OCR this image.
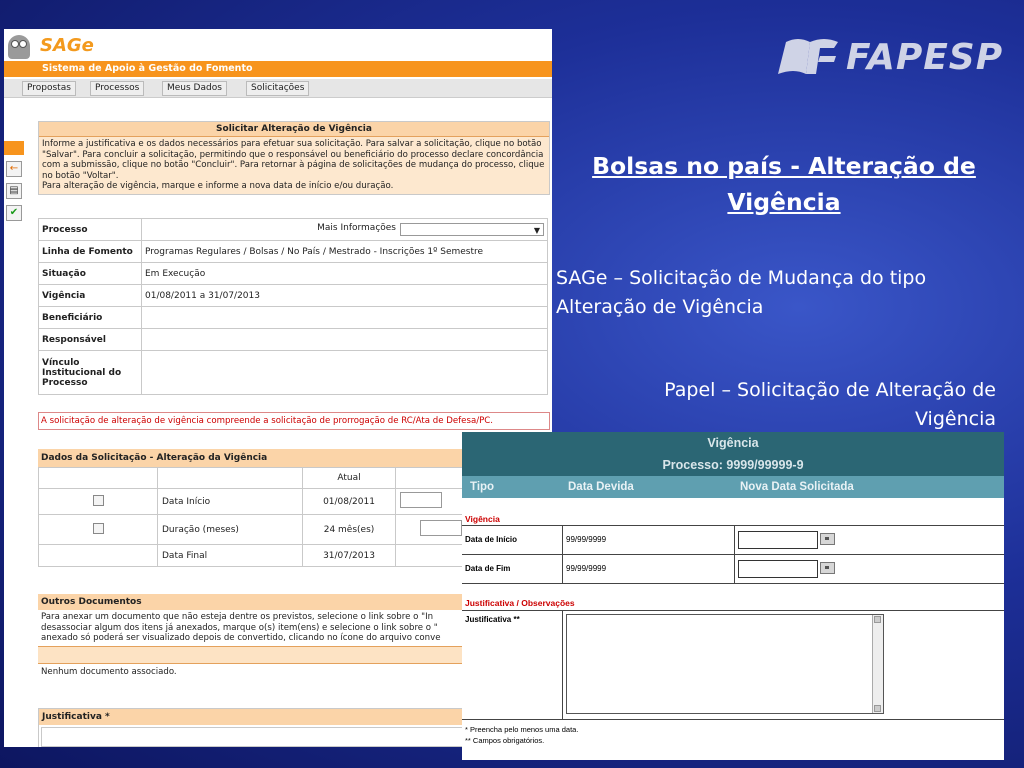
SAGe
Sistema de Apoio à Gestão do Fomento
Propostas	Processos	Meus Dados	Solicitações
←
▤
✔
Solicitar Alteração de Vigência
Informe a justificativa e os dados necessários para efetuar sua solicitação. Para salvar a solicitação, clique no botão "Salvar". Para concluir a solicitação, permitindo que o responsável ou beneficiário do processo declare concordância com a submissão, clique no botão "Concluir". Para retornar à página de solicitações de mudança do processo, clique no botão "Voltar".
Para alteração de vigência, marque e informe a nova data de início e/ou duração.
Processo	▼
Mais Informações

Linha de Fomento	Programas Regulares / Bolsas / No País / Mestrado - Inscrições 1º Semestre
Situação	Em Execução
Vigência	01/08/2011 a 31/07/2013
Beneficiário	
Responsável	
Vínculo Institucional do Processo	
A solicitação de alteração de vigência compreende a solicitação de prorrogação de RC/Ata de Defesa/PC.
Dados da Solicitação - Alteração da Vigência
		Atual	
	Data Início	01/08/2011	
	Duração (meses)	24 mês(es)	
	Data Final	31/07/2013	
Outros Documentos
Para anexar um documento que não esteja dentre os previstos, selecione o link sobre o "In
desassociar algum dos itens já anexados, marque o(s) item(ens) e selecione o link sobre o "
anexado só poderá ser visualizado depois de convertido, clicando no ícone do arquivo conve
Nenhum documento associado.
Justificativa *
FAPESP
Bolsas no país - Alteração de Vigência
SAGe – Solicitação de Mudança do tipo Alteração de Vigência
Papel – Solicitação de Alteração de Vigência
Vigência
Processo: 9999/99999-9
Tipo	Data Devida	Nova Data Solicitada
Vigência
Data de Início	99/99/9999
Data de Fim	99/99/9999
Justificativa / Observações
Justificativa **
* Preencha pelo menos uma data.
** Campos obrigatórios.
